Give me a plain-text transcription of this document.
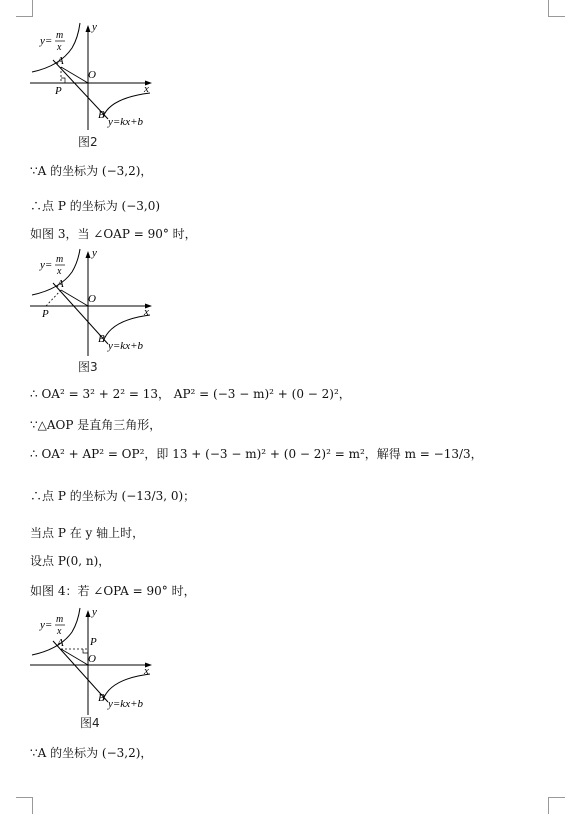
y= m
x
A
O
P
B
x
y
y=kx+b
图2
∵A 的坐标为 (−3,2)，
∴点 P 的坐标为 (−3,0)
如图 3，当 ∠OAP = 90° 时，
y= m
x
A
O
P
B
x
y
y=kx+b
图3
∴ OA² = 3² + 2² = 13， AP² = (−3 − m)² + (0 − 2)²，
∵△AOP 是直角三角形，
∴ OA² + AP² = OP²，即 13 + (−3 − m)² + (0 − 2)² = m²，解得 m = −13/3，
∴点 P 的坐标为 (−13/3, 0)；
当点 P 在 y 轴上时，
设点 P(0, n)，
如图 4：若 ∠OPA = 90° 时，
y= m
x
A P
O
B
x
y
y=kx+b
图4
∵A 的坐标为 (−3,2)，
